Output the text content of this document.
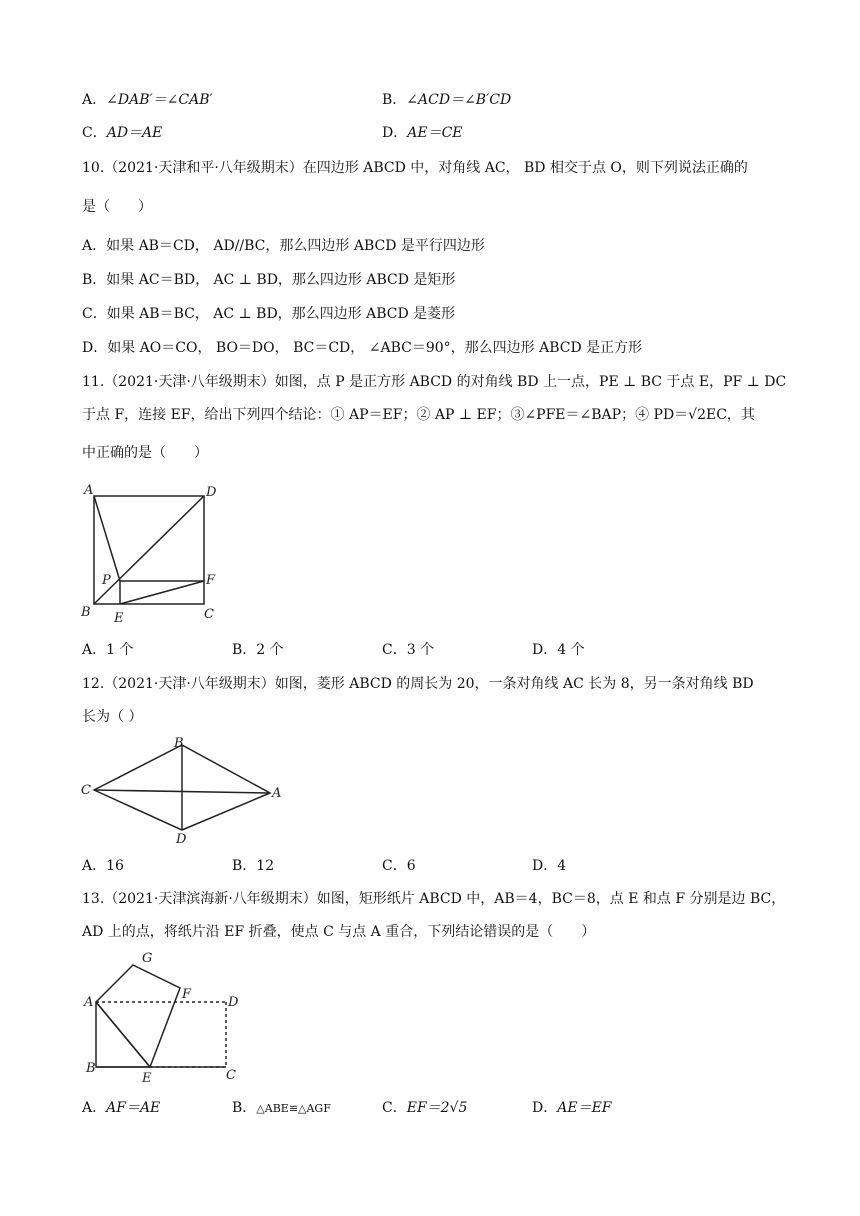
A．∠DAB′＝∠CAB′	B．∠ACD＝∠B′CD
C．AD＝AE	D．AE＝CE
10.（2021·天津和平·八年级期末）在四边形 ABCD 中，对角线 AC， BD 相交于点 O，则下列说法正确的
是（　　）
A．如果 AB＝CD， AD//BC，那么四边形 ABCD 是平行四边形
B．如果 AC＝BD， AC ⊥ BD，那么四边形 ABCD 是矩形
C．如果 AB＝BC， AC ⊥ BD，那么四边形 ABCD 是菱形
D．如果 AO＝CO， BO＝DO， BC＝CD， ∠ABC＝90°，那么四边形 ABCD 是正方形
11.（2021·天津·八年级期末）如图，点 P 是正方形 ABCD 的对角线 BD 上一点，PE ⊥ BC 于点 E，PF ⊥ DC
于点 F，连接 EF，给出下列四个结论：① AP＝EF；② AP ⊥ EF；③∠PFE＝∠BAP；④ PD＝√2EC，其
中正确的是（　　）
A	D
P	F
B E	C
A．1 个	B．2 个	C．3 个	D．4 个
12.（2021·天津·八年级期末）如图，菱形 ABCD 的周长为 20，一条对角线 AC 长为 8，另一条对角线 BD
长为（ ）
B
C	A
D
A．16	B．12	C．6	D．4
13.（2021·天津滨海新·八年级期末）如图，矩形纸片 ABCD 中，AB＝4，BC＝8，点 E 和点 F 分别是边 BC，
AD 上的点，将纸片沿 EF 折叠，使点 C 与点 A 重合，下列结论错误的是（　　）
G
A
F
D
B
E	C
A．AF＝AE	B．△ABE≌△AGF	C．EF＝2√5	D．AE＝EF
